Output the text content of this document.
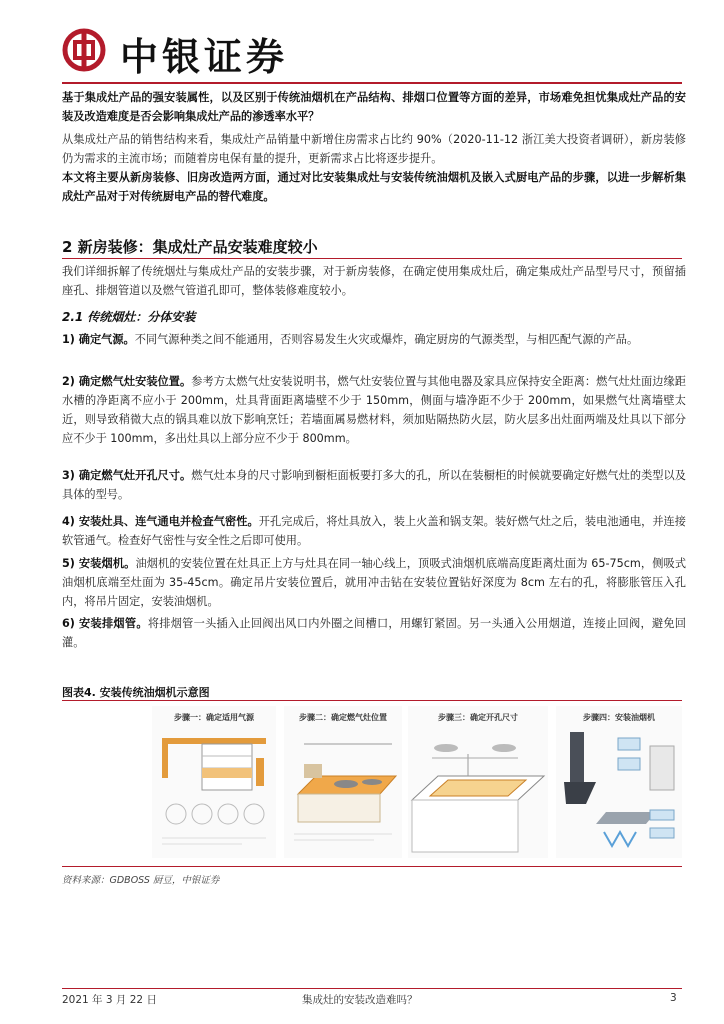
中银证券

基于集成灶产品的强安装属性，以及区别于传统油烟机在产品结构、排烟口位置等方面的差异，市场难免担忧集成灶产品的安装及改造难度是否会影响集成灶产品的渗透率水平？

从集成灶产品的销售结构来看，集成灶产品销量中新增住房需求占比约 90%（2020-11-12 浙江美大投资者调研），新房装修仍为需求的主流市场；而随着房电保有量的提升，更新需求占比将逐步提升。

本文将主要从新房装修、旧房改造两方面，通过对比安装集成灶与安装传统油烟机及嵌入式厨电产品的步骤，以进一步解析集成灶产品对于对传统厨电产品的替代难度。

2 新房装修：集成灶产品安装难度较小

我们详细拆解了传统烟灶与集成灶产品的安装步骤，对于新房装修，在确定使用集成灶后，确定集成灶产品型号尺寸，预留插座孔、排烟管道以及燃气管道孔即可，整体装修难度较小。

2.1 传统烟灶：分体安装

1) 确定气源。不同气源种类之间不能通用，否则容易发生火灾或爆炸，确定厨房的气源类型，与相匹配气源的产品。

2) 确定燃气灶安装位置。参考方太燃气灶安装说明书，燃气灶安装位置与其他电器及家具应保持安全距离：燃气灶灶面边缘距水槽的净距离不应小于 200mm，灶具背面距离墙壁不少于 150mm，侧面与墙净距不少于 200mm，如果燃气灶离墙壁太近，则导致稍微大点的锅具难以放下影响烹饪；若墙面属易燃材料，须加贴隔热防火层，防火层多出灶面两端及灶具以下部分应不少于 100mm，多出灶具以上部分应不少于 800mm。

3) 确定燃气灶开孔尺寸。燃气灶本身的尺寸影响到橱柜面板要打多大的孔，所以在装橱柜的时候就要确定好燃气灶的类型以及具体的型号。

4) 安装灶具、连气通电并检查气密性。开孔完成后，将灶具放入，装上火盖和锅支架。装好燃气灶之后，装电池通电，并连接软管通气。检查好气密性与安全性之后即可使用。

5) 安装烟机。油烟机的安装位置在灶具正上方与灶具在同一轴心线上，顶吸式油烟机底端高度距离灶面为 65-75cm，侧吸式油烟机底端至灶面为 35-45cm。确定吊片安装位置后，就用冲击钻在安装位置钻好深度为 8cm 左右的孔，将膨胀管压入孔内，将吊片固定，安装油烟机。

6) 安装排烟管。将排烟管一头插入止回阀出风口内外圈之间槽口，用螺钉紧固。另一头通入公用烟道，连接止回阀，避免回灌。

图表4. 安装传统油烟机示意图
步骤一：确定适用气源	步骤二：确定燃气灶位置	步骤三：确定开孔尺寸	步骤四：安装油烟机
资料来源：GDBOSS 厨豆，中银证券
2021 年 3 月 22 日	集成灶的安装改造难吗？	3
